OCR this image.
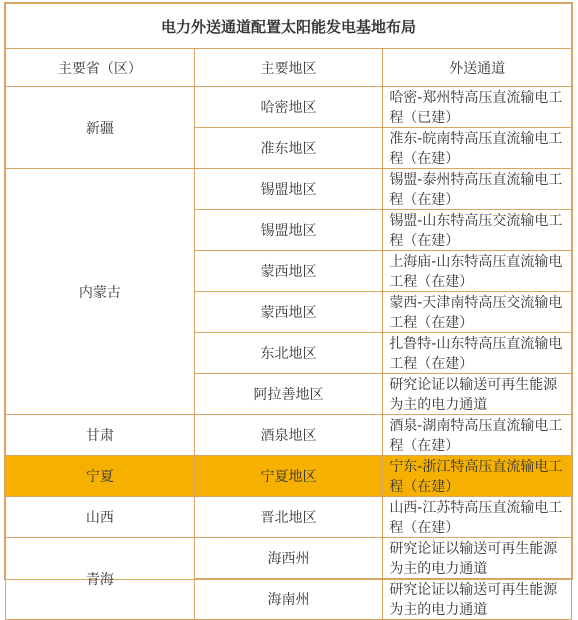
电力外送通道配置太阳能发电基地布局		
主要省（区）	主要地区	外送通道
新疆	哈密地区	哈密-郑州特高压直流输电工程（已建）
	准东地区	准东-皖南特高压直流输电工程（在建）
内蒙古	锡盟地区	锡盟-泰州特高压直流输电工程（在建）
	锡盟地区	锡盟-山东特高压交流输电工程（在建）
	蒙西地区	上海庙-山东特高压直流输电工程（在建）
	蒙西地区	蒙西-天津南特高压交流输电工程（在建）
	东北地区	扎鲁特-山东特高压直流输电工程（在建）
	阿拉善地区	研究论证以输送可再生能源为主的电力通道
甘肃	酒泉地区	酒泉-湖南特高压直流输电工程（在建）
宁夏	宁夏地区	宁东-浙江特高压直流输电工程（在建）
山西	晋北地区	山西-江苏特高压直流输电工程（在建）
青海	海西州	研究论证以输送可再生能源为主的电力通道
	海南州	研究论证以输送可再生能源为主的电力通道
